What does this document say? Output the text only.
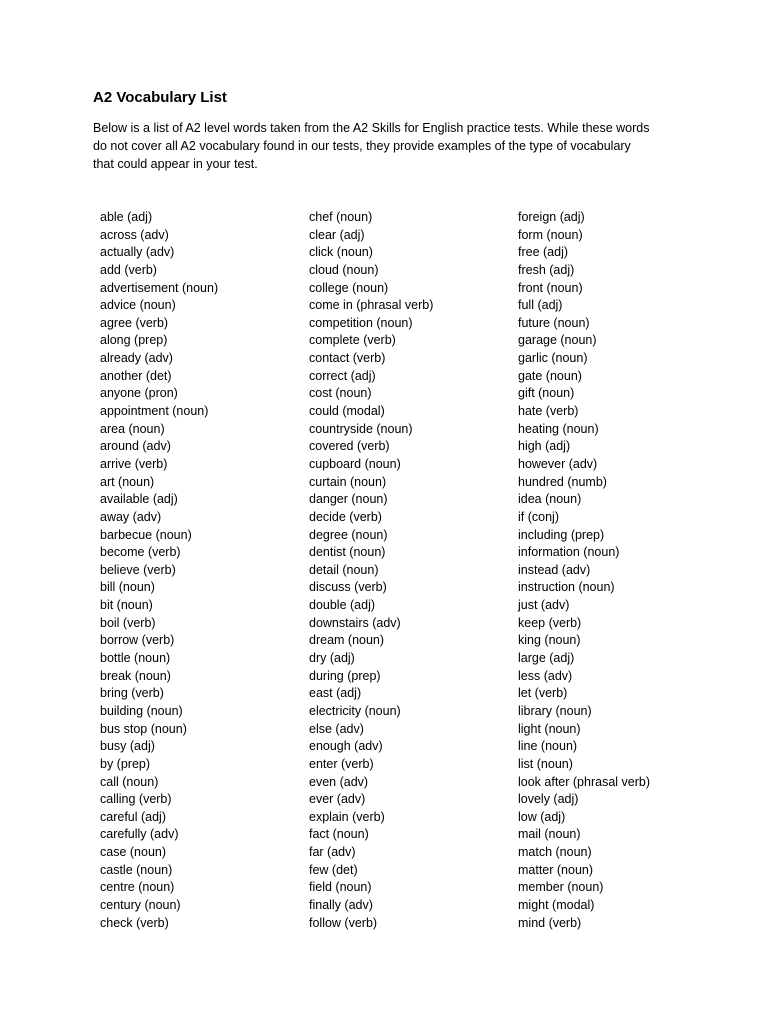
A2 Vocabulary List

Below is a list of A2 level words taken from the A2 Skills for English practice tests. While these words
do not cover all A2 vocabulary found in our tests, they provide examples of the type of vocabulary
that could appear in your test.

able (adj)
across (adv)
actually (adv)
add (verb)
advertisement (noun)
advice (noun)
agree (verb)
along (prep)
already (adv)
another (det)
anyone (pron)
appointment (noun)
area (noun)
around (adv)
arrive (verb)
art (noun)
available (adj)
away (adv)
barbecue (noun)
become (verb)
believe (verb)
bill (noun)
bit (noun)
boil (verb)
borrow (verb)
bottle (noun)
break (noun)
bring (verb)
building (noun)
bus stop (noun)
busy (adj)
by (prep)
call (noun)
calling (verb)
careful (adj)
carefully (adv)
case (noun)
castle (noun)
centre (noun)
century (noun)
check (verb)
chef (noun)
clear (adj)
click (noun)
cloud (noun)
college (noun)
come in (phrasal verb)
competition (noun)
complete (verb)
contact (verb)
correct (adj)
cost (noun)
could (modal)
countryside (noun)
covered (verb)
cupboard (noun)
curtain (noun)
danger (noun)
decide (verb)
degree (noun)
dentist (noun)
detail (noun)
discuss (verb)
double (adj)
downstairs (adv)
dream (noun)
dry (adj)
during (prep)
east (adj)
electricity (noun)
else (adv)
enough (adv)
enter (verb)
even (adv)
ever (adv)
explain (verb)
fact (noun)
far (adv)
few (det)
field (noun)
finally (adv)
follow (verb)
foreign (adj)
form (noun)
free (adj)
fresh (adj)
front (noun)
full (adj)
future (noun)
garage (noun)
garlic (noun)
gate (noun)
gift (noun)
hate (verb)
heating (noun)
high (adj)
however (adv)
hundred (numb)
idea (noun)
if (conj)
including (prep)
information (noun)
instead (adv)
instruction (noun)
just (adv)
keep (verb)
king (noun)
large (adj)
less (adv)
let (verb)
library (noun)
light (noun)
line (noun)
list (noun)
look after (phrasal verb)
lovely (adj)
low (adj)
mail (noun)
match (noun)
matter (noun)
member (noun)
might (modal)
mind (verb)
